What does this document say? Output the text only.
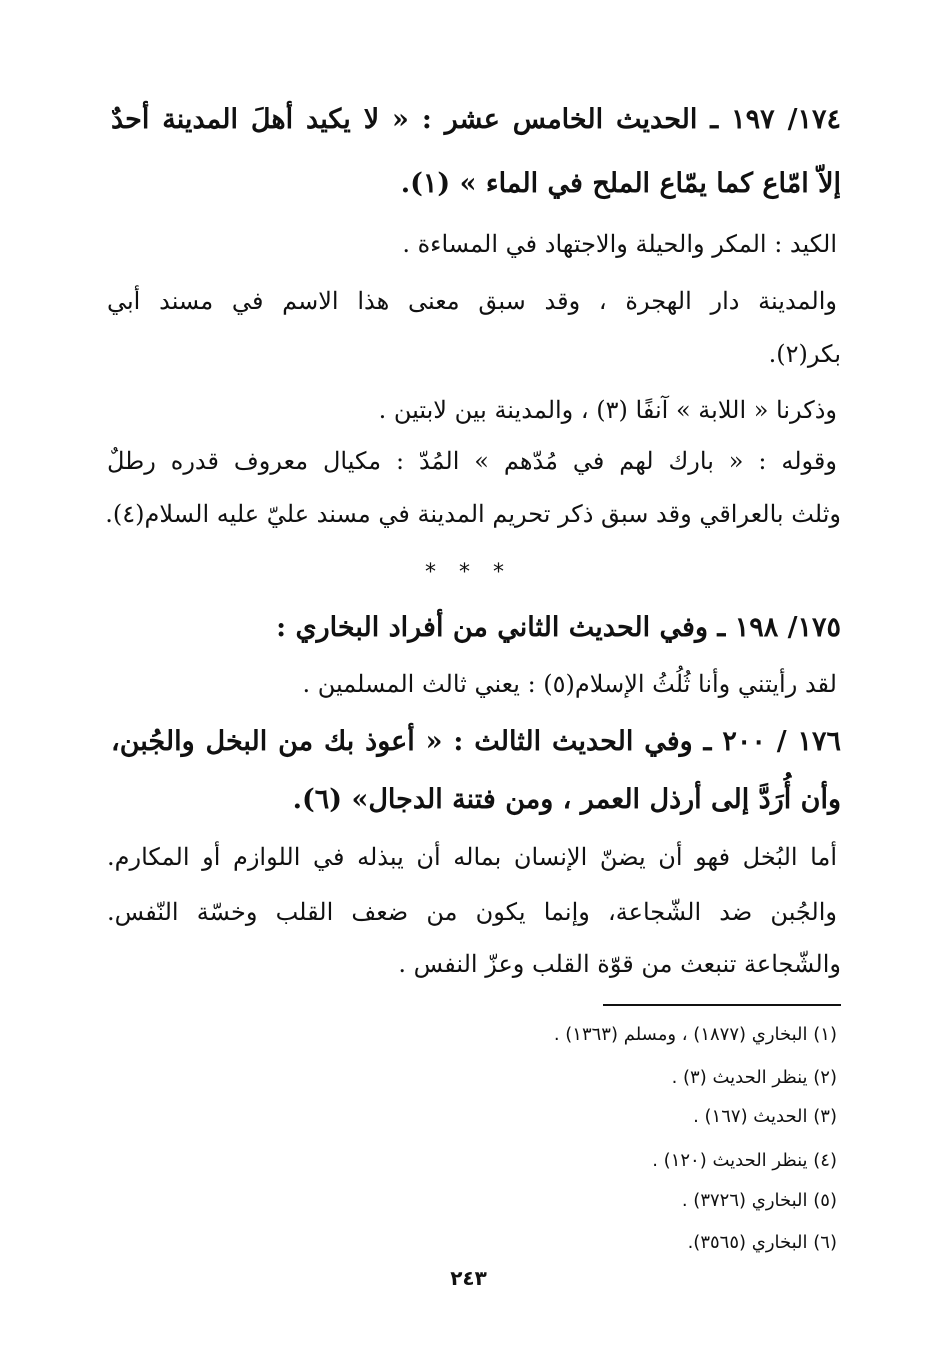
١٧٤/ ١٩٧ ـ الحديث الخامس عشر : « لا يكيد أهلَ المدينة أحدٌ
إلاّ امّاع كما يمّاع الملح في الماء » (١).
الكيد : المكر والحيلة والاجتهاد في المساءة .
والمدينة دار الهجرة ، وقد سبق معنى هذا الاسم في مسند أبي
بكر(٢).
وذكرنا « اللابة » آنفًا (٣) ، والمدينة بين لابتين .
وقوله : « بارك لهم في مُدّهم » المُدّ : مكيال معروف قدره رطلٌ
وثلث بالعراقي وقد سبق ذكر تحريم المدينة في مسند عليّ عليه السلام(٤).
* * *
١٧٥/ ١٩٨ ـ وفي الحديث الثاني من أفراد البخاري :
لقد رأيتني وأنا ثُلُثُ الإسلام(٥) : يعني ثالث المسلمين .
١٧٦ / ٢٠٠ ـ وفي الحديث الثالث : « أعوذ بك من البخل والجُبن،
وأن أُرَدَّ إلى أرذل العمر ، ومن فتنة الدجال» (٦).
أما البُخل فهو أن يضنّ الإنسان بماله أن يبذله في اللوازم أو المكارم.
والجُبن ضد الشّجاعة، وإنما يكون من ضعف القلب وخسّة النّفس.
والشّجاعة تنبعث من قوّة القلب وعزّ النفس .
(١) البخاري (١٨٧٧) ، ومسلم (١٣٦٣) .
(٢) ينظر الحديث (٣) .
(٣) الحديث (١٦٧) .
(٤) ينظر الحديث (١٢٠) .
(٥) البخاري (٣٧٢٦) .
(٦) البخاري (٣٥٦٥).
٢٤٣
